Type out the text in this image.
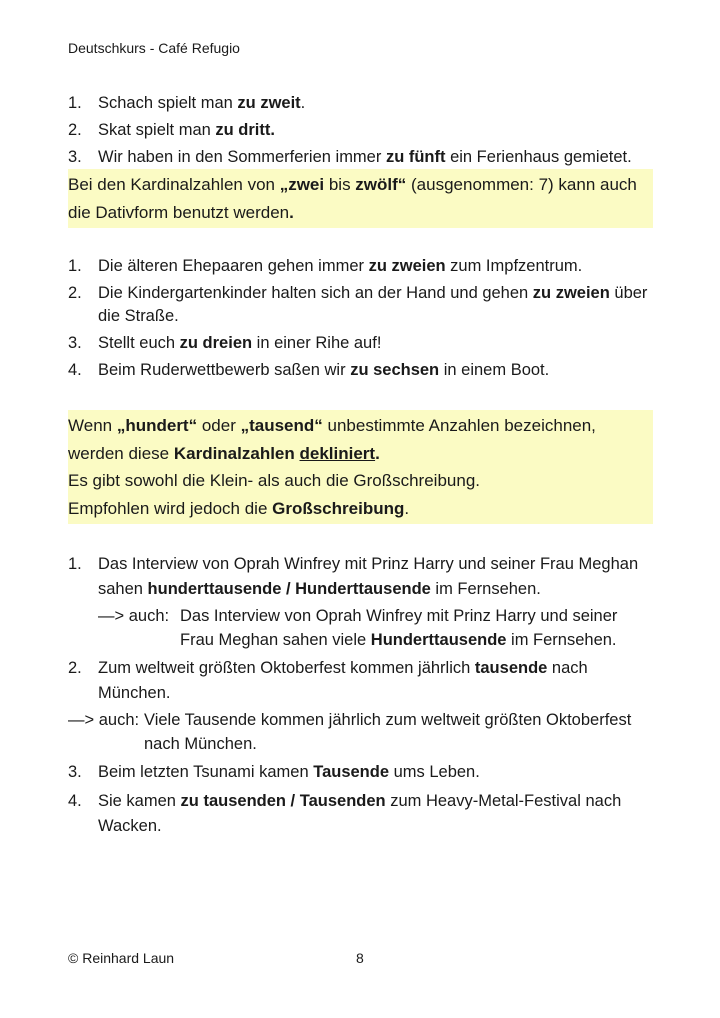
Deutschkurs - Café Refugio
1. Schach spielt man zu zweit.
2. Skat spielt man zu dritt.
3. Wir haben in den Sommerferien immer zu fünft ein Ferienhaus gemietet.

Bei den Kardinalzahlen von „zwei bis zwölf“ (ausgenommen: 7) kann auch die Dativform benutzt werden.

1. Die älteren Ehepaaren gehen immer zu zweien zum Impfzentrum.
2. Die Kindergartenkinder halten sich an der Hand und gehen zu zweien über die Straße.
3. Stellt euch zu dreien in einer Rihe auf!
4. Beim Ruderwettbewerb saßen wir zu sechsen in einem Boot.

Wenn „hundert“ oder „tausend“ unbestimmte Anzahlen bezeichnen, werden diese Kardinalzahlen dekliniert.

Es gibt sowohl die Klein- als auch die Großschreibung.

Empfohlen wird jedoch die Großschreibung.

1. Das Interview von Oprah Winfrey mit Prinz Harry und seiner Frau Meghan sahen hunderttausende / Hunderttausende im Fernsehen.
—> auch: Das Interview von Oprah Winfrey mit Prinz Harry und seiner Frau Meghan sahen viele Hunderttausende im Fernsehen.
2. Zum weltweit größten Oktoberfest kommen jährlich tausende nach München.
—> auch: Viele Tausende kommen jährlich zum weltweit größten Oktoberfest nach München.
3. Beim letzten Tsunami kamen Tausende ums Leben.
4. Sie kamen zu tausenden / Tausenden zum Heavy-Metal-Festival nach Wacken.
© Reinhard Laun	8
